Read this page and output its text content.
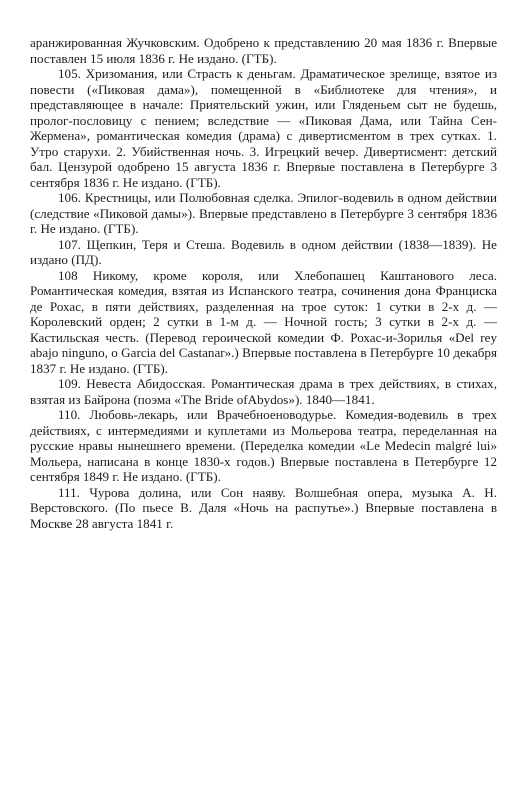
аранжированная Жучковским. Одобрено к представлению 20 мая 1836 г. Впервые поставлен 15 июля 1836 г. Не издано. (ГТБ).

105. Хризомания, или Страсть к деньгам. Драматическое зрелище, взятое из повести («Пиковая дама»), помещенной в «Библиотеке для чтения», и представляющее в начале: Приятельский ужин, или Гляденьем сыт не будешь, пролог-пословицу с пением; вследствие — «Пиковая Дама, или Тайна Сен-Жермена», романтическая комедия (драма) с дивертисментом в трех сутках. 1. Утро старухи. 2. Убийственная ночь. 3. Игрецкий вечер. Дивертисмент: детский бал. Цензурой одобрено 15 августа 1836 г. Впервые поставлена в Петербурге 3 сентября 1836 г. Не издано. (ГТБ).

106. Крестницы, или Полюбовная сделка. Эпилог-водевиль в одном действии (следствие «Пиковой дамы»). Впервые представлено в Петербурге 3 сентября 1836 г. Не издано. (ГТБ).

107. Щепкин, Теря и Стеша. Водевиль в одном действии (1838—1839). Не издано (ПД).

108 Никому, кроме короля, или Хлебопашец Каштанового леса. Романтическая комедия, взятая из Испанского театра, сочинения дона Франциска де Рохас, в пяти действиях, разделенная на трое суток: 1 сутки в 2-х д. — Королевский орден; 2 сутки в 1-м д. — Ночной гость; 3 сутки в 2-х д. — Кастильская честь. (Перевод героической комедии Ф. Рохас-и-Зорилья «Del rey abajo ninguno, o Garcia del Castanar».) Впервые поставлена в Петербурге 10 декабря 1837 г. Не издано. (ГТБ).

109. Невеста Абидосская. Романтическая драма в трех действиях, в стихах, взятая из Байрона (поэма «The Bride ofAbydos»). 1840—1841.

110. Любовь-лекарь, или Врачебноеноводурье. Комедия-водевиль в трех действиях, с интермедиями и куплетами из Мольерова театра, переделанная на русские нравы нынешнего времени. (Переделка комедии «Le Medecin malgré lui» Мольера, написана в конце 1830-х годов.) Впервые поставлена в Петербурге 12 сентября 1849 г. Не издано. (ГТБ).

111. Чурова долина, или Сон наяву. Волшебная опера, музыка А. Н. Верстовского. (По пьесе В. Даля «Ночь на распутье».) Впервые поставлена в Москве 28 августа 1841 г.
